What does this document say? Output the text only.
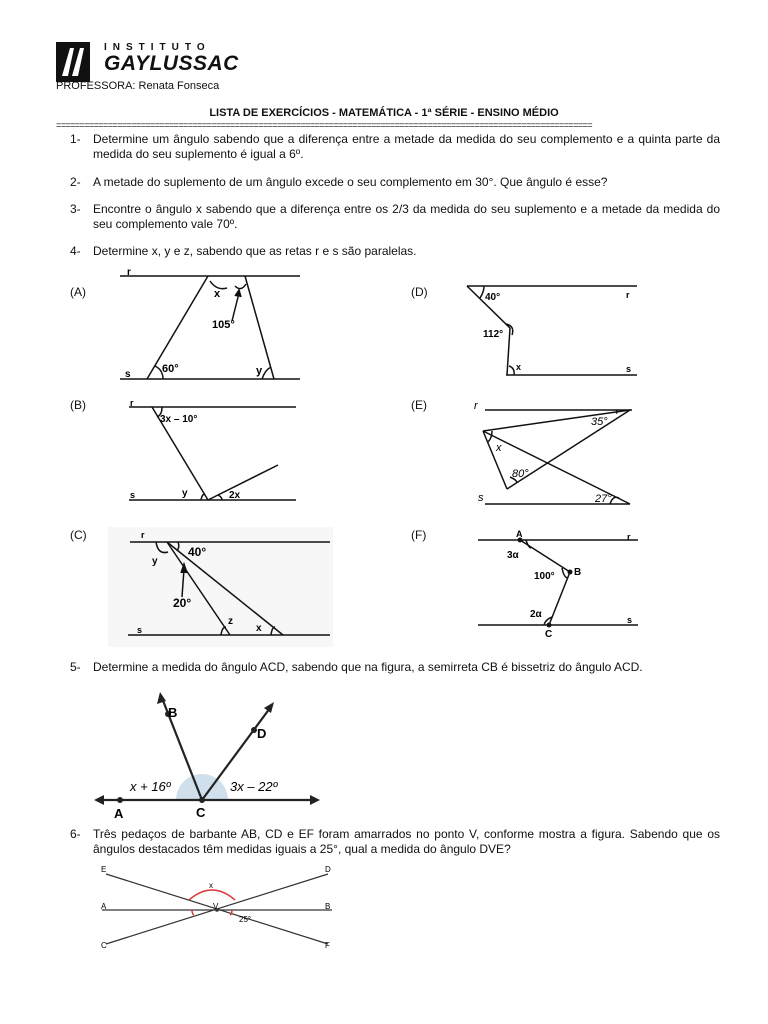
INSTITUTO
GAYLUSSAC
PROFESSORA: Renata Fonseca
LISTA DE EXERCÍCIOS - MATEMÁTICA - 1ª SÉRIE - ENSINO MÉDIO
==================================================================================================================
1- Determine um ângulo sabendo que a diferença entre a metade da medida do seu complemento e a quinta parte da medida do seu suplemento é igual a 6º.
2- A metade do suplemento de um ângulo excede o seu complemento em 30°. Que ângulo é esse?
3- Encontre o ângulo x sabendo que a diferença entre os 2/3 da medida do seu suplemento e a metade da medida do seu complemento vale 70º.
4- Determine x, y e z, sabendo que as retas r e s são paralelas.
(A)	(D)
(B)	(E)
(C)	(F)
r
s
x
105°
60°	y
40°	r
112°
x	s
r
s
3x – 10°
y	2x
r
35°
x
80°
s	27°
r
y
40°
20°
z
x
s
A	r
3α
100° B
2α	s
C
5- Determine a medida do ângulo ACD, sabendo que na figura, a semirreta CB é bissetriz do ângulo ACD.
B
D
x + 16º	3x – 22º
A	C
6- Três pedaços de barbante AB, CD e EF foram amarrados no ponto V, conforme mostra a figura. Sabendo que os ângulos destacados têm medidas iguais a 25°, qual a medida do ângulo DVE?
E	D
x
A	V	B
25°
C	F
